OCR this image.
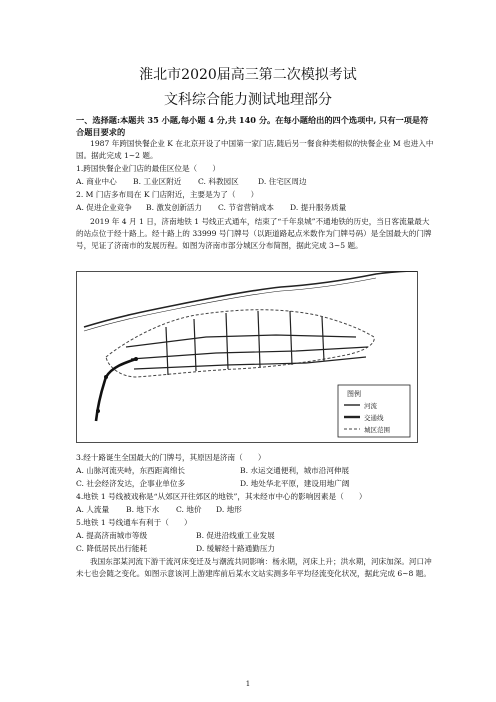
淮北市2020届高三第二次模拟考试
文科综合能力测试地理部分
一、选择题:本题共 35 小题,每小题 4 分,共 140 分。在每小题给出的四个选项中, 只有一项是符合题目要求的
1987 年跨国快餐企业 K 在北京开设了中国第一家门店,随后另一餐食种类相似的快餐企业 M 也进入中国。据此完成 1~2 题。
1.跨国快餐企业门店的最佳区位是（　　）
A. 商业中心 B. 工业区附近 C. 科教园区	D. 住宅区周边
2. M 门店多布局在 K 门店附近，主要是为了（　　）
A. 促进企业竞争 B. 激发创新活力 C. 节省营销成本 D. 提升服务质量
2019 年 4 月 1 日，济南地铁 1 号线正式通车，结束了“千年泉城”不通地铁的历史，当日客流量最大的站点位于经十路上。经十路上的 33999 号门牌号（以距道路起点米数作为门牌号码）是全国最大的门牌号，见证了济南市的发展历程。如图为济南市部分城区分布简图，据此完成 3~5 题。
图例
河流
交通线
城区范围
3.经十路诞生全国最大的门牌号，其原因是济南（　　）
A. 山脉河流夹峙，东西距离绵长	B. 水运交通便利，城市沿河伸展
C. 社会经济发达，企事业单位多	D. 地处华北平原，建设用地广阔
4.地铁 1 号线被戏称是“从郊区开往郊区的地铁”，其未经市中心的影响因素是（　　）
A. 人流量 B. 地下水 C. 地价 D. 地形
5.地铁 1 号线通车有利于（　　）
A. 提高济南城市等级	B. 促进沿线重工业发展
C. 降低居民出行能耗	D. 缓解经十路通勤压力
我国东部某河流下游干流河床变迁及与潮流共同影响：杨永期，河床上升；洪水期，河床加深。河口冲未七也会随之变化。如图示意该河上游建库前后某水文站实测多年平均径流变化状况，据此完成 6~8 题。
1
